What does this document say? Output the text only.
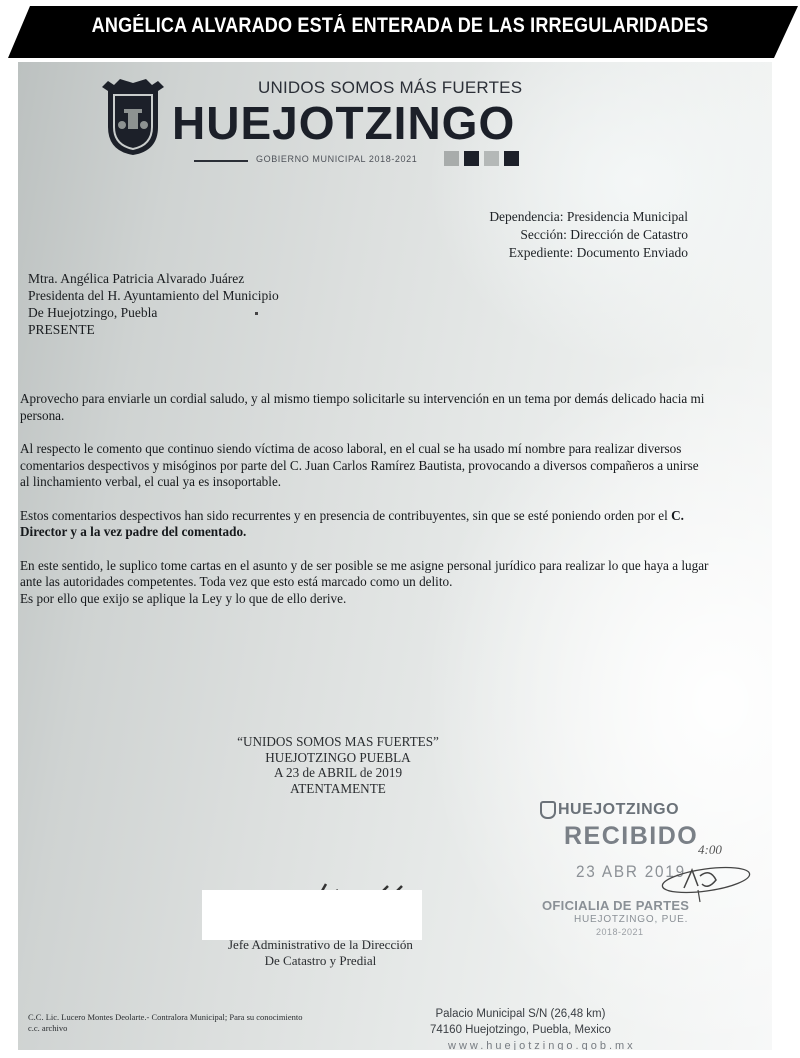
ANGÉLICA ALVARADO ESTÁ ENTERADA DE LAS IRREGULARIDADES
UNIDOS SOMOS MÁS FUERTES
HUEJOTZINGO
GOBIERNO MUNICIPAL 2018-2021
Dependencia: Presidencia Municipal
Sección: Dirección de Catastro
Expediente: Documento Enviado
Mtra. Angélica Patricia Alvarado Juárez
Presidenta del H. Ayuntamiento del Municipio
De Huejotzingo, Puebla
PRESENTE

Aprovecho para enviarle un cordial saludo, y al mismo tiempo solicitarle su intervención en un tema por demás delicado hacia mi persona.

Al respecto le comento que continuo siendo víctima de acoso laboral, en el cual se ha usado mí nombre para realizar diversos comentarios despectivos y misóginos por parte del C. Juan Carlos Ramírez Bautista, provocando a diversos compañeros a unirse al linchamiento verbal, el cual ya es insoportable.

Estos comentarios despectivos han sido recurrentes y en presencia de contribuyentes, sin que se esté poniendo orden por el C. Director y a la vez padre del comentado.

En este sentido, le suplico tome cartas en el asunto y de ser posible se me asigne personal jurídico para realizar lo que haya a lugar ante las autoridades competentes. Toda vez que esto está marcado como un delito.

Es por ello que exijo se aplique la Ley y lo que de ello derive.

“UNIDOS SOMOS MAS FUERTES”
HUEJOTZINGO PUEBLA
A 23 de ABRIL de 2019
ATENTAMENTE
Jefe Administrativo de la Dirección
De Catastro y Predial
HUEJOTZINGO
RECIBIDO
23 ABR 2019
4:00
OFICIALIA DE PARTES
HUEJOTZINGO, PUE.
2018-2021
C.C. Lic. Lucero Montes Deolarte.- Contralora Municipal; Para su conocimiento
c.c. archivo
Palacio Municipal S/N (26,48 km)
74160 Huejotzingo, Puebla, Mexico
www.huejotzingo.gob.mx
